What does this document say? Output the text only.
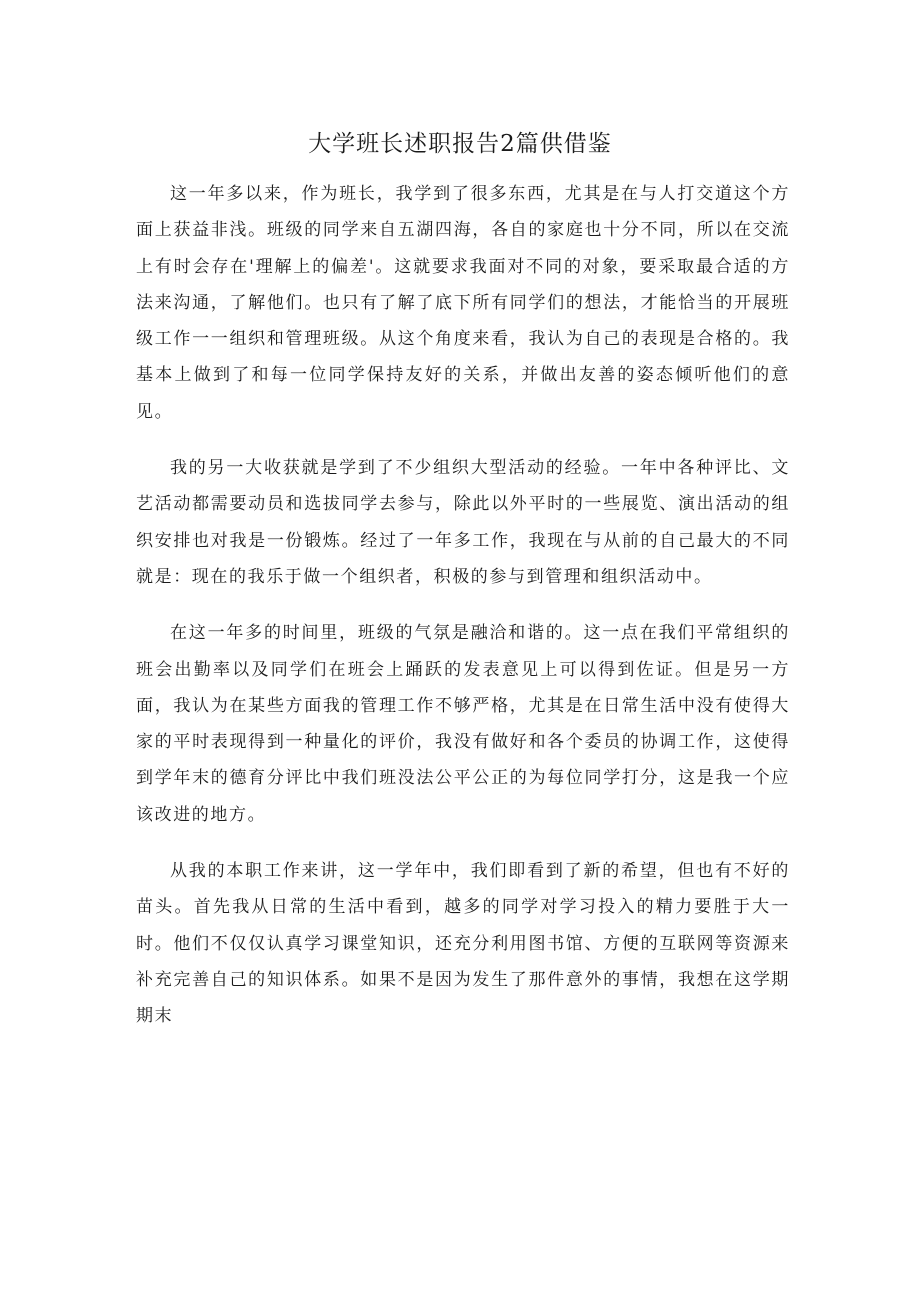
大学班长述职报告2篇供借鉴

这一年多以来，作为班长，我学到了很多东西，尤其是在与人打交道这个方面上获益非浅。班级的同学来自五湖四海，各自的家庭也十分不同，所以在交流上有时会存在'理解上的偏差'。这就要求我面对不同的对象，要采取最合适的方法来沟通，了解他们。也只有了解了底下所有同学们的想法，才能恰当的开展班级工作一一组织和管理班级。从这个角度来看，我认为自己的表现是合格的。我基本上做到了和每一位同学保持友好的关系，并做出友善的姿态倾听他们的意见。

我的另一大收获就是学到了不少组织大型活动的经验。一年中各种评比、文艺活动都需要动员和选拔同学去参与，除此以外平时的一些展览、演出活动的组织安排也对我是一份锻炼。经过了一年多工作，我现在与从前的自己最大的不同就是：现在的我乐于做一个组织者，积极的参与到管理和组织活动中。

在这一年多的时间里，班级的气氛是融洽和谐的。这一点在我们平常组织的班会出勤率以及同学们在班会上踊跃的发表意见上可以得到佐证。但是另一方面，我认为在某些方面我的管理工作不够严格，尤其是在日常生活中没有使得大家的平时表现得到一种量化的评价，我没有做好和各个委员的协调工作，这使得到学年末的德育分评比中我们班没法公平公正的为每位同学打分，这是我一个应该改进的地方。

从我的本职工作来讲，这一学年中，我们即看到了新的希望，但也有不好的苗头。首先我从日常的生活中看到，越多的同学对学习投入的精力要胜于大一时。他们不仅仅认真学习课堂知识，还充分利用图书馆、方便的互联网等资源来补充完善自己的知识体系。如果不是因为发生了那件意外的事情，我想在这学期期末
